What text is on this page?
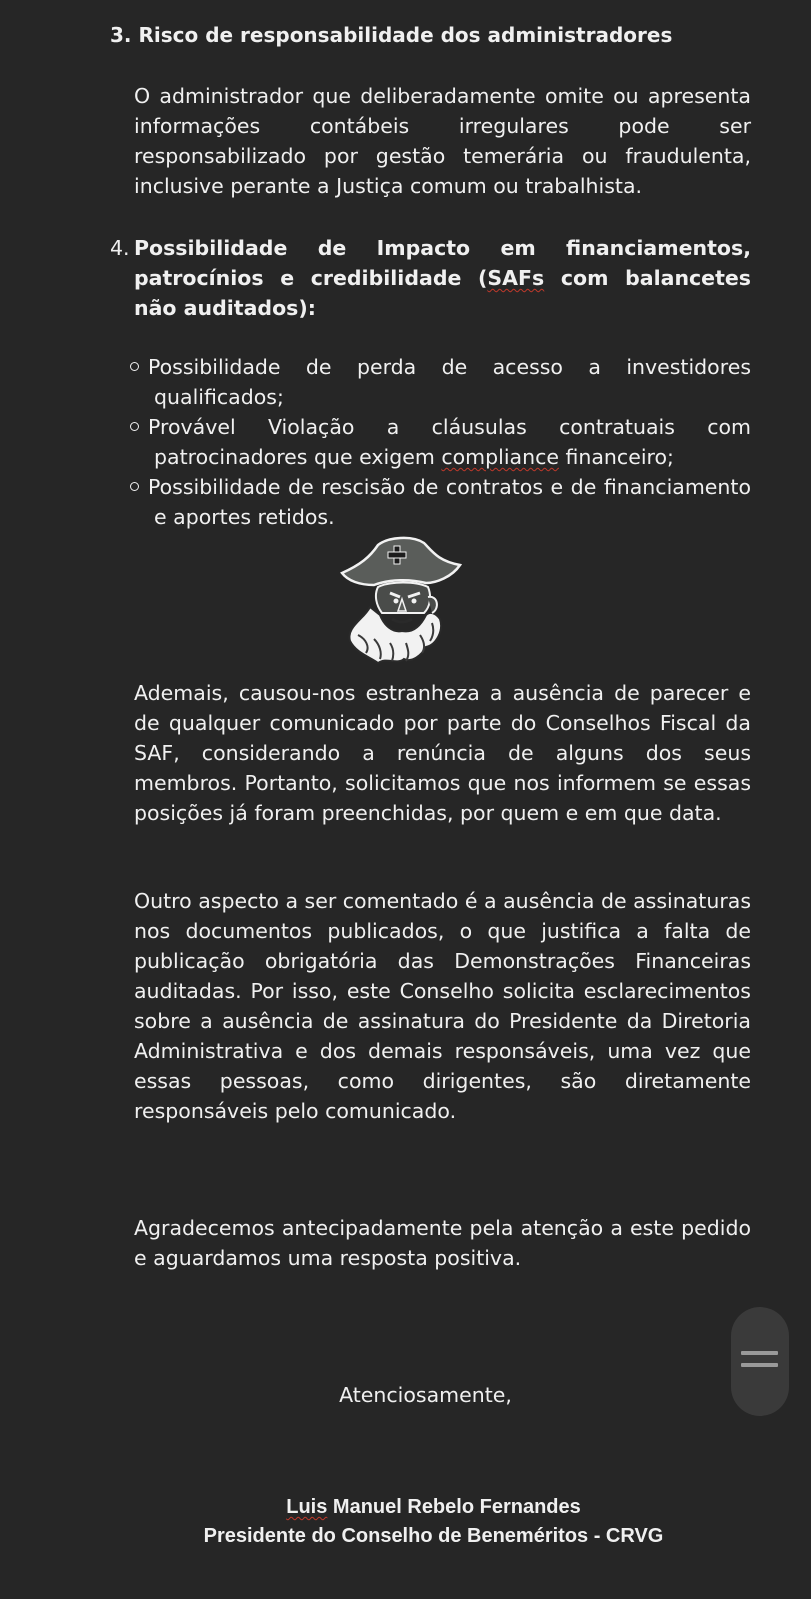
3. Risco de responsabilidade dos administradores

O administrador que deliberadamente omite ou apresenta informações contábeis irregulares pode ser responsabilizado por gestão temerária ou fraudulenta, inclusive perante a Justiça comum ou trabalhista.

4. Possibilidade de Impacto em financiamentos, patrocínios e credibilidade (SAFs com balancetes não auditados):

Possibilidade de perda de acesso a investidores qualificados;
Provável Violação a cláusulas contratuais com patrocinadores que exigem compliance financeiro;
Possibilidade de rescisão de contratos e de financiamento e aportes retidos.

Ademais, causou-nos estranheza a ausência de parecer e de qualquer comunicado por parte do Conselhos Fiscal da SAF, considerando a renúncia de alguns dos seus membros. Portanto, solicitamos que nos informem se essas posições já foram preenchidas, por quem e em que data.

Outro aspecto a ser comentado é a ausência de assinaturas nos documentos publicados, o que justifica a falta de publicação obrigatória das Demonstrações Financeiras auditadas. Por isso, este Conselho solicita esclarecimentos sobre a ausência de assinatura do Presidente da Diretoria Administrativa e dos demais responsáveis, uma vez que essas pessoas, como dirigentes, são diretamente responsáveis pelo comunicado.

Agradecemos antecipadamente pela atenção a este pedido e aguardamos uma resposta positiva.

Atenciosamente,
Luis Manuel Rebelo Fernandes
Presidente do Conselho de Beneméritos - CRVG
